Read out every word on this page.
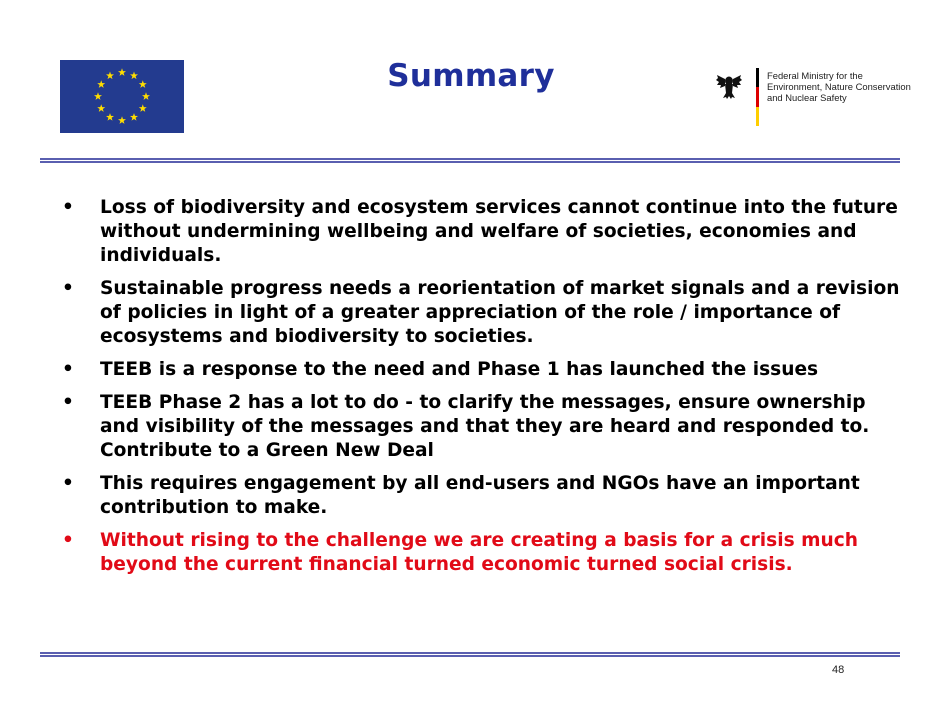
Summary	Federal Ministry for the
Environment, Nature Conservation
and Nuclear Safety
• Loss of biodiversity and ecosystem services cannot continue into the future without undermining wellbeing and welfare of societies, economies and individuals.
• Sustainable progress needs a reorientation of market signals and a revision of policies in light of a greater appreciation of the role / importance of ecosystems and biodiversity to societies.
• TEEB is a response to the need and Phase 1 has launched the issues
• TEEB Phase 2 has a lot to do - to clarify the messages, ensure ownership and visibility of the messages and that they are heard and responded to. Contribute to a Green New Deal
• This requires engagement by all end-users and NGOs have an important contribution to make.
• Without rising to the challenge we are creating a basis for a crisis much beyond the current financial turned economic turned social crisis.
48
